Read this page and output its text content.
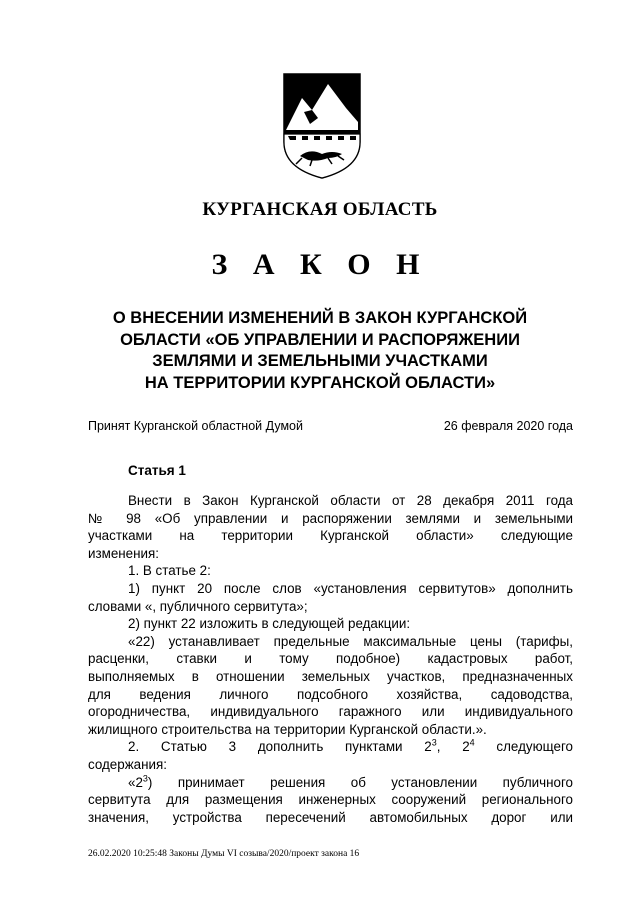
КУРГАНСКАЯ ОБЛАСТЬ
З А К О Н
О ВНЕСЕНИИ ИЗМЕНЕНИЙ В ЗАКОН КУРГАНСКОЙ
ОБЛАСТИ «ОБ УПРАВЛЕНИИ И РАСПОРЯЖЕНИИ
ЗЕМЛЯМИ И ЗЕМЕЛЬНЫМИ УЧАСТКАМИ
НА ТЕРРИТОРИИ КУРГАНСКОЙ ОБЛАСТИ»
Принят Курганской областной Думой	26 февраля 2020 года
Статья 1

Внести в Закон Курганской области от 28 декабря 2011 года

№ 98 «Об управлении и распоряжении землями и земельными

участками на территории Курганской области» следующие

изменения:

1. В статье 2:

1) пункт 20 после слов «установления сервитутов» дополнить

словами «, публичного сервитута»;

2) пункт 22 изложить в следующей редакции:

«22) устанавливает предельные максимальные цены (тарифы,

расценки, ставки и тому подобное) кадастровых работ,

выполняемых в отношении земельных участков, предназначенных

для ведения личного подсобного хозяйства, садоводства,

огородничества, индивидуального гаражного или индивидуального

жилищного строительства на территории Курганской области.».

2. Статью 3 дополнить пунктами $2^3$, $2^4$ следующего

содержания:

«$2^3$) принимает решения об установлении публичного

сервитута для размещения инженерных сооружений регионального

значения, устройства пересечений автомобильных дорог или

26.02.2020 10:25:48 Законы Думы VI созыва/2020/проект закона 16
